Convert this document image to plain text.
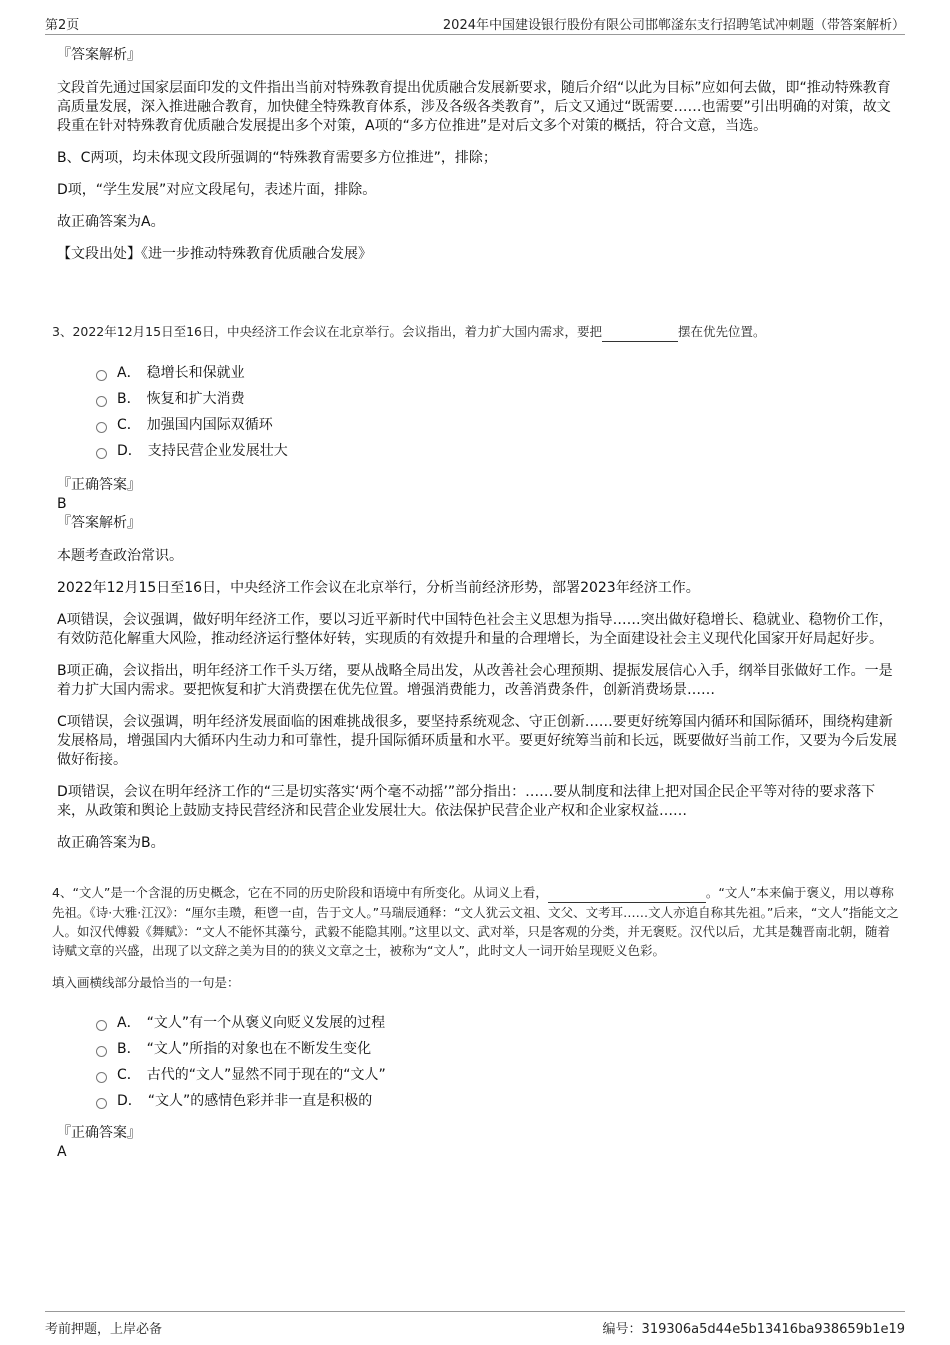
第2页	2024年中国建设银行股份有限公司邯郸滏东支行招聘笔试冲刺题（带答案解析）

『答案解析』

文段首先通过国家层面印发的文件指出当前对特殊教育提出优质融合发展新要求，随后介绍“以此为目标”应如何去做，即“推动特殊教育高质量发展，深入推进融合教育，加快健全特殊教育体系，涉及各级各类教育”，后文又通过“既需要……也需要”引出明确的对策，故文段重在针对特殊教育优质融合发展提出多个对策，A项的“多方位推进”是对后文多个对策的概括，符合文意，当选。

B、C两项，均未体现文段所强调的“特殊教育需要多方位推进”，排除；

D项，“学生发展”对应文段尾句，表述片面，排除。

故正确答案为A。

【文段出处】《进一步推动特殊教育优质融合发展》

3、2022年12月15日至16日，中央经济工作会议在北京举行。会议指出，着力扩大国内需求，要把	摆在优先位置。

A． 稳增长和保就业
B． 恢复和扩大消费
C． 加强国内国际双循环
D． 支持民营企业发展壮大

『正确答案』

B

『答案解析』

本题考查政治常识。

2022年12月15日至16日，中央经济工作会议在北京举行，分析当前经济形势，部署2023年经济工作。

A项错误，会议强调，做好明年经济工作，要以习近平新时代中国特色社会主义思想为指导……突出做好稳增长、稳就业、稳物价工作，有效防范化解重大风险，推动经济运行整体好转，实现质的有效提升和量的合理增长，为全面建设社会主义现代化国家开好局起好步。

B项正确，会议指出，明年经济工作千头万绪，要从战略全局出发，从改善社会心理预期、提振发展信心入手，纲举目张做好工作。一是着力扩大国内需求。要把恢复和扩大消费摆在优先位置。增强消费能力，改善消费条件，创新消费场景……

C项错误，会议强调，明年经济发展面临的困难挑战很多，要坚持系统观念、守正创新……要更好统筹国内循环和国际循环，围绕构建新发展格局，增强国内大循环内生动力和可靠性，提升国际循环质量和水平。要更好统筹当前和长远，既要做好当前工作，又要为今后发展做好衔接。

D项错误，会议在明年经济工作的“三是切实落实‘两个毫不动摇’”部分指出：……要从制度和法律上把对国企民企平等对待的要求落下来，从政策和舆论上鼓励支持民营经济和民营企业发展壮大。依法保护民营企业产权和企业家权益……

故正确答案为B。

4、“文人”是一个含混的历史概念，它在不同的历史阶段和语境中有所变化。从词义上看，	。“文人”本来偏于褒义，用以尊称先祖。《诗·大雅·江汉》：“厘尔圭瓒，秬鬯一卣，告于文人。”马瑞辰通释：“文人犹云文祖、文父、文考耳……文人亦追自称其先祖。”后来，“文人”指能文之人。如汉代傅毅《舞赋》：“文人不能怀其藻兮，武毅不能隐其刚。”这里以文、武对举，只是客观的分类，并无褒贬。汉代以后，尤其是魏晋南北朝，随着诗赋文章的兴盛，出现了以文辞之美为目的的狭义文章之士，被称为“文人”，此时文人一词开始呈现贬义色彩。

填入画横线部分最恰当的一句是：

A． “文人”有一个从褒义向贬义发展的过程
B． “文人”所指的对象也在不断发生变化
C． 古代的“文人”显然不同于现在的“文人”
D． “文人”的感情色彩并非一直是积极的

『正确答案』

A

考前押题，上岸必备	编号：319306a5d44e5b13416ba938659b1e19
